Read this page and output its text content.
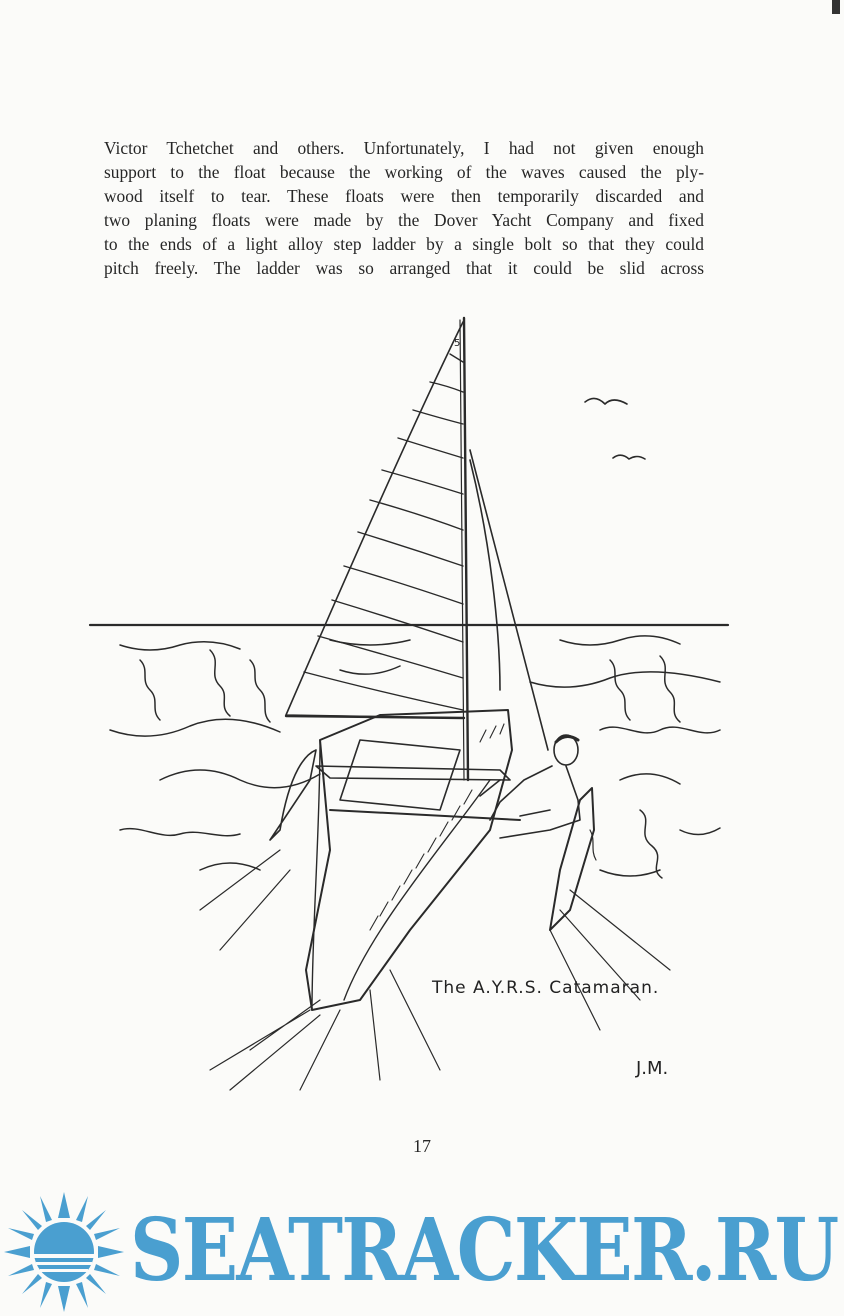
Victor Tchetchet and others. Unfortunately, I had not given enough
support to the float because the working of the waves caused the ply-
wood itself to tear. These floats were then temporarily discarded and
two planing floats were made by the Dover Yacht Company and fixed
to the ends of a light alloy step ladder by a single bolt so that they could
pitch freely. The ladder was so arranged that it could be slid across
5
The A.Y.R.S. Catamaran.
J.M.
17
SEATRACKER.RU
